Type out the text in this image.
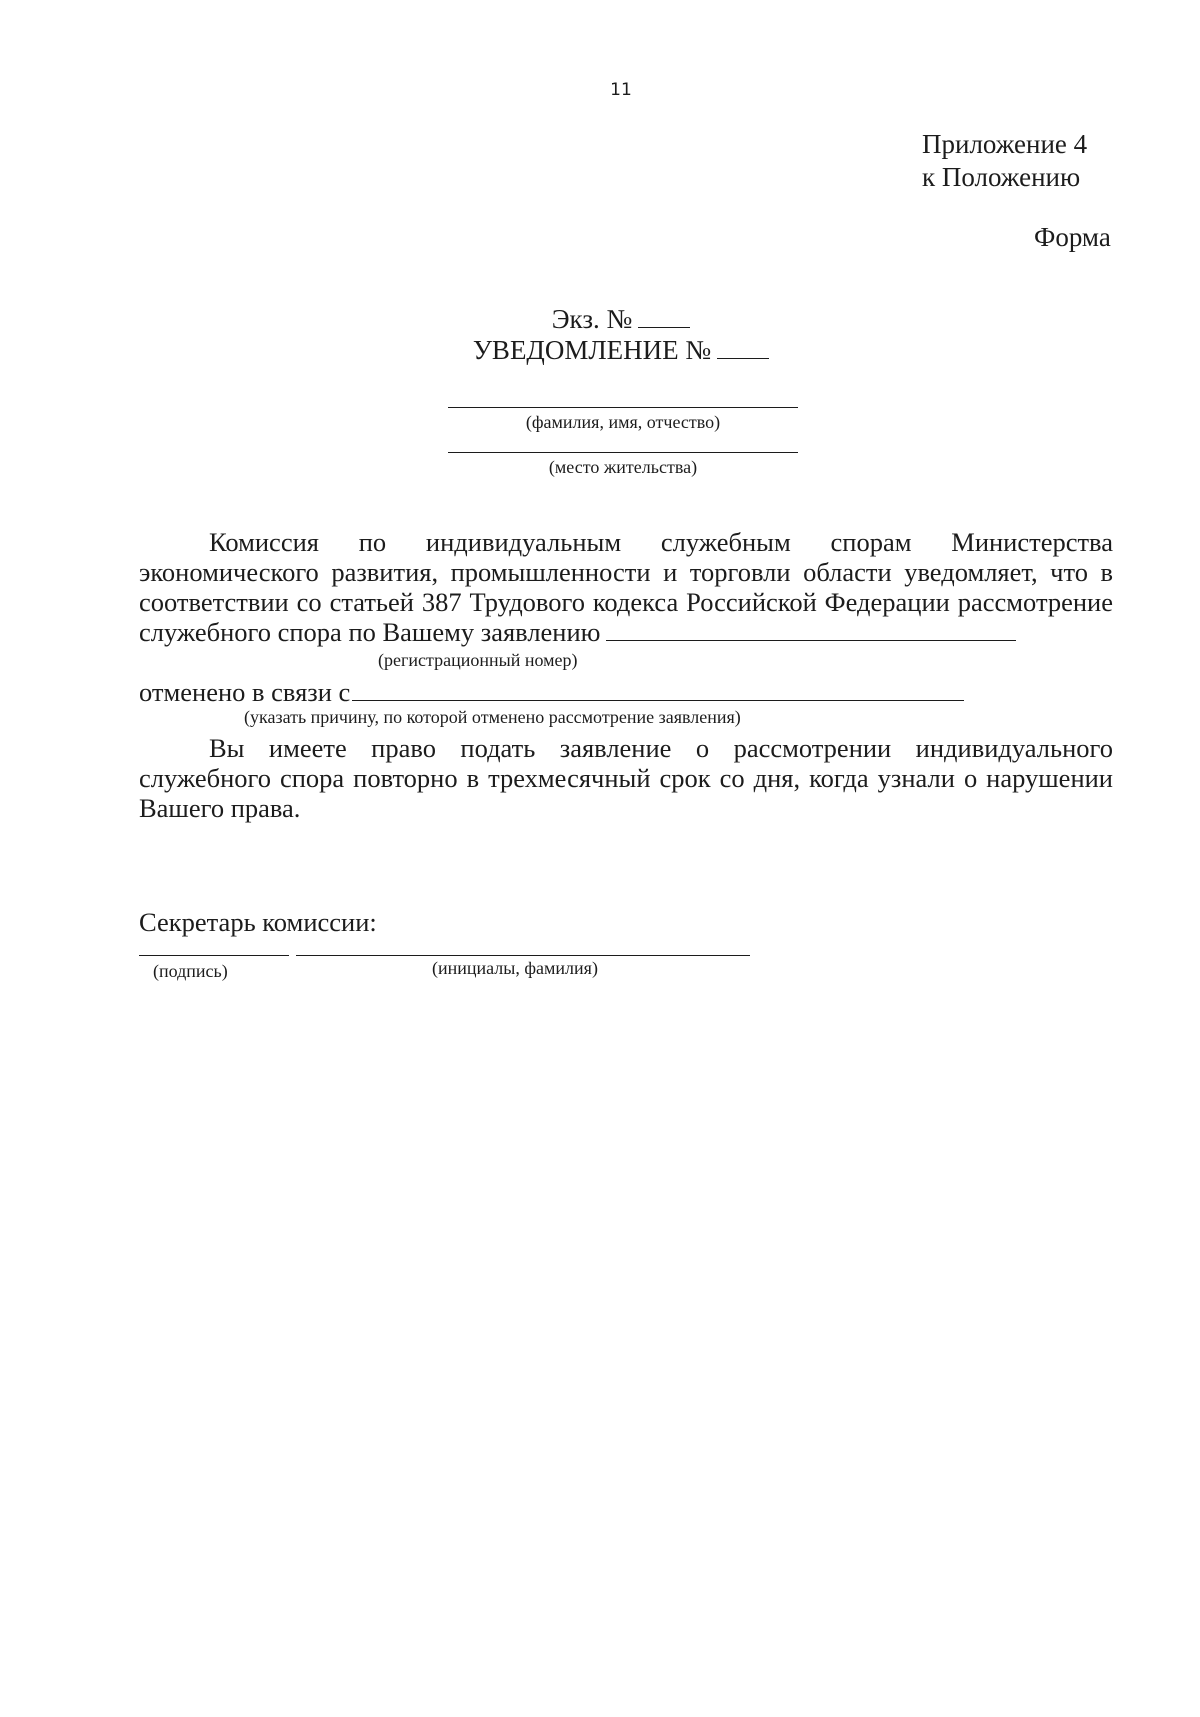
11
Приложение 4
к Положению
Форма
Экз. №
УВЕДОМЛЕНИЕ №
(фамилия, имя, отчество)
(место жительства)
Комиссия по индивидуальным служебным спорам Министерства
экономического развития, промышленности и торговли области уведомляет, что в
соответствии со статьей 387 Трудового кодекса Российской Федерации рассмотрение
служебного спора по Вашему заявлению
(регистрационный номер)
отменено в связи с
(указать причину, по которой отменено рассмотрение заявления)
Вы имеете право подать заявление о рассмотрении индивидуального
служебного спора повторно в трехмесячный срок со дня, когда узнали о нарушении
Вашего права.
Секретарь комиссии:
(подпись)	(инициалы, фамилия)
